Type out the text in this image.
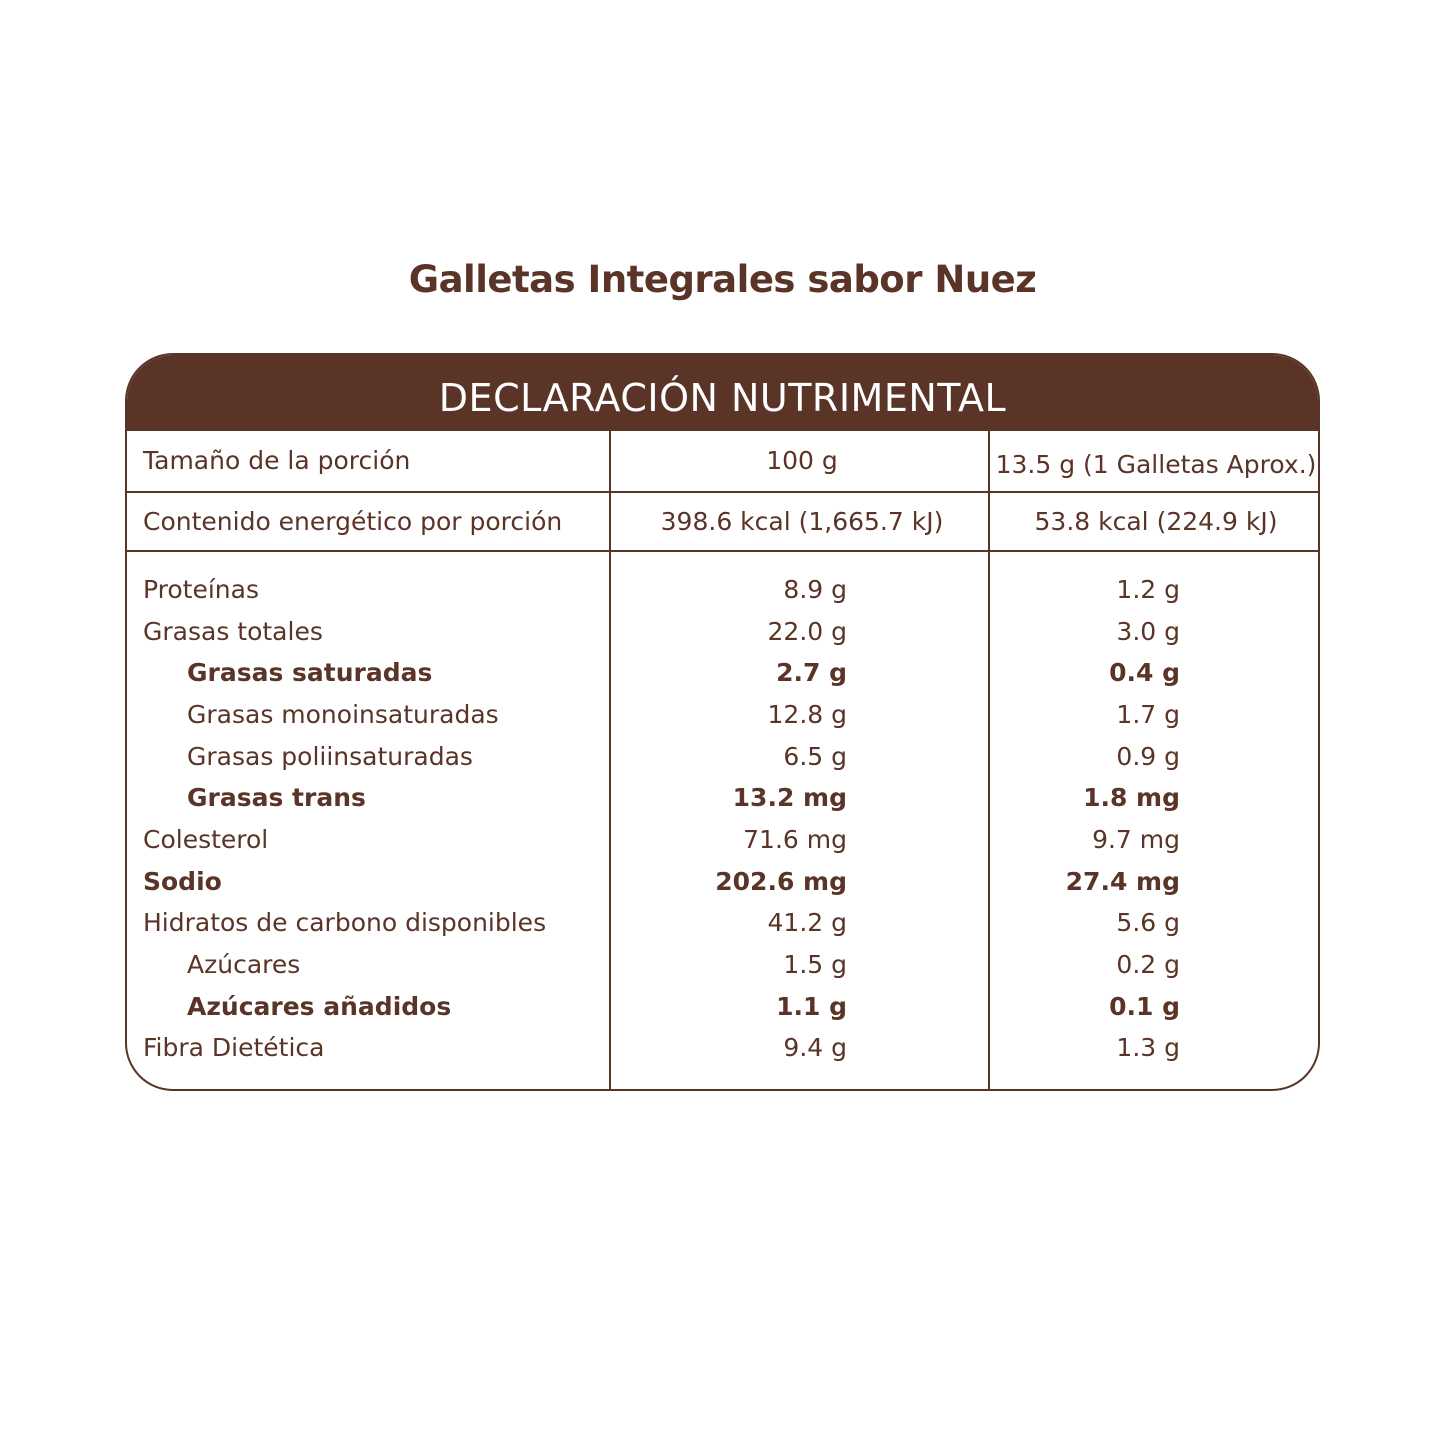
Galletas Integrales sabor Nuez
DECLARACIÓN NUTRIMENTAL
Tamaño de la porción	100 g	13.5 g (1 Galletas Aprox.)
Contenido energético por porción	398.6 kcal (1,665.7 kJ)	53.8 kcal (224.9 kJ)
Proteínas	8.9 g	1.2 g
Grasas totales	22.0 g	3.0 g
Grasas saturadas	2.7 g	0.4 g
Grasas monoinsaturadas	12.8 g	1.7 g
Grasas poliinsaturadas	6.5 g	0.9 g
Grasas trans	13.2 mg	1.8 mg
Colesterol	71.6 mg	9.7 mg
Sodio	202.6 mg	27.4 mg
Hidratos de carbono disponibles	41.2 g	5.6 g
Azúcares	1.5 g	0.2 g
Azúcares añadidos	1.1 g	0.1 g
Fibra Dietética	9.4 g	1.3 g
